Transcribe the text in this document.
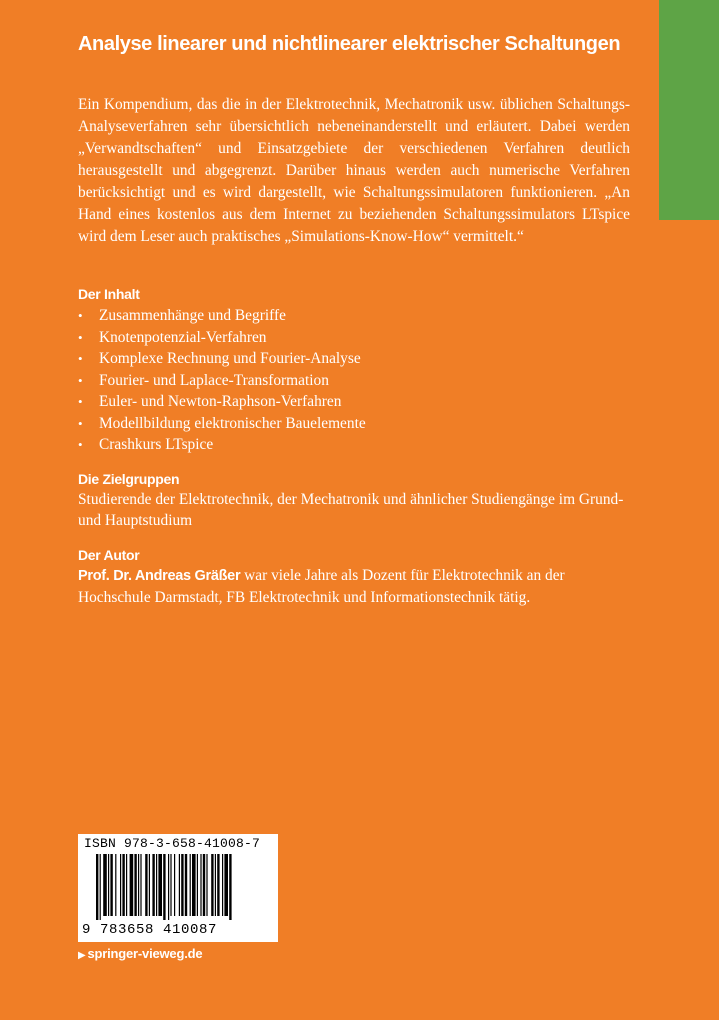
Analyse linearer und nichtlinearer elektrischer Schaltungen
Ein Kompendium, das die in der Elektrotechnik, Mechatronik usw. üblichen Schaltungs-Analyseverfahren sehr übersichtlich nebeneinanderstellt und erläutert. Dabei werden „Verwandtschaften“ und Einsatzgebiete der verschiedenen Verfahren deutlich herausgestellt und abgegrenzt. Darüber hinaus werden auch numerische Verfahren berücksichtigt und es wird dargestellt, wie Schaltungssimulatoren funktionieren. „An Hand eines kostenlos aus dem Internet zu beziehenden Schaltungssimulators LTspice wird dem Leser auch praktisches „Simulations-Know-How“ vermittelt.“
Der Inhalt
• Zusammenhänge und Begriffe
• Knotenpotenzial-Verfahren
• Komplexe Rechnung und Fourier-Analyse
• Fourier- und Laplace-Transformation
• Euler- und Newton-Raphson-Verfahren
• Modellbildung elektronischer Bauelemente
• Crashkurs LTspice
Die Zielgruppen
Studierende der Elektrotechnik, der Mechatronik und ähnlicher Studiengänge im Grund- und Hauptstudium
Der Autor
Prof. Dr. Andreas Gräßer war viele Jahre als Dozent für Elektrotechnik an der Hochschule Darmstadt, FB Elektrotechnik und Informationstechnik tätig.
ISBN 978-3-658-41008-7
9 783658 410087
▶ springer-vieweg.de
